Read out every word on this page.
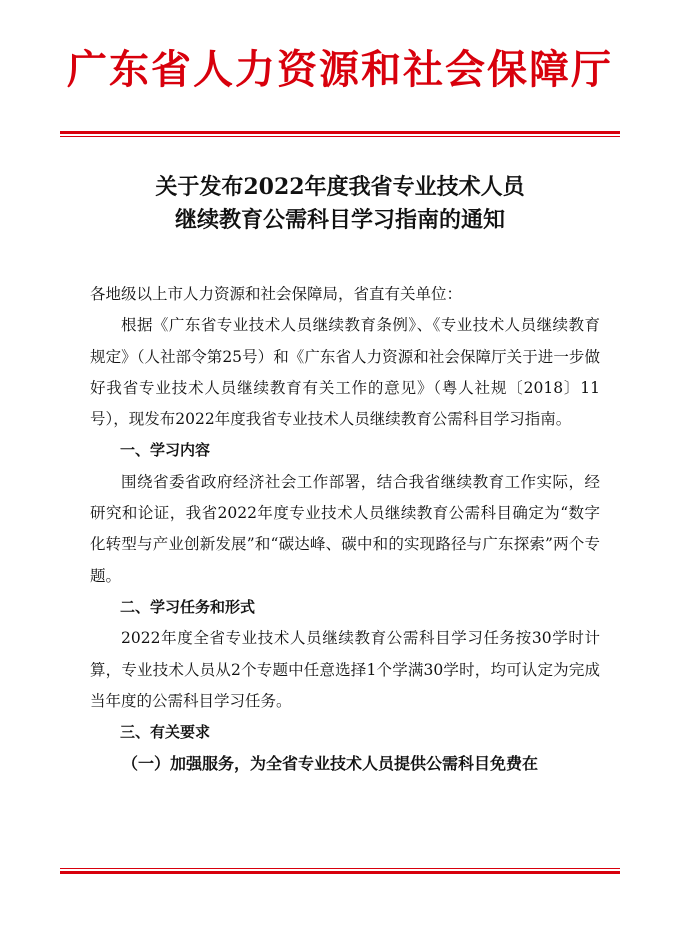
广东省人力资源和社会保障厅
关于发布2022年度我省专业技术人员
继续教育公需科目学习指南的通知

各地级以上市人力资源和社会保障局，省直有关单位：

根据《广东省专业技术人员继续教育条例》、《专业技术人员继续教育规定》（人社部令第25号）和《广东省人力资源和社会保障厅关于进一步做好我省专业技术人员继续教育有关工作的意见》（粤人社规〔2018〕11号），现发布2022年度我省专业技术人员继续教育公需科目学习指南。

一、学习内容

围绕省委省政府经济社会工作部署，结合我省继续教育工作实际，经研究和论证，我省2022年度专业技术人员继续教育公需科目确定为“数字化转型与产业创新发展”和“碳达峰、碳中和的实现路径与广东探索”两个专题。

二、学习任务和形式

2022年度全省专业技术人员继续教育公需科目学习任务按30学时计算，专业技术人员从2个专题中任意选择1个学满30学时，均可认定为完成当年度的公需科目学习任务。

三、有关要求

（一）加强服务，为全省专业技术人员提供公需科目免费在
